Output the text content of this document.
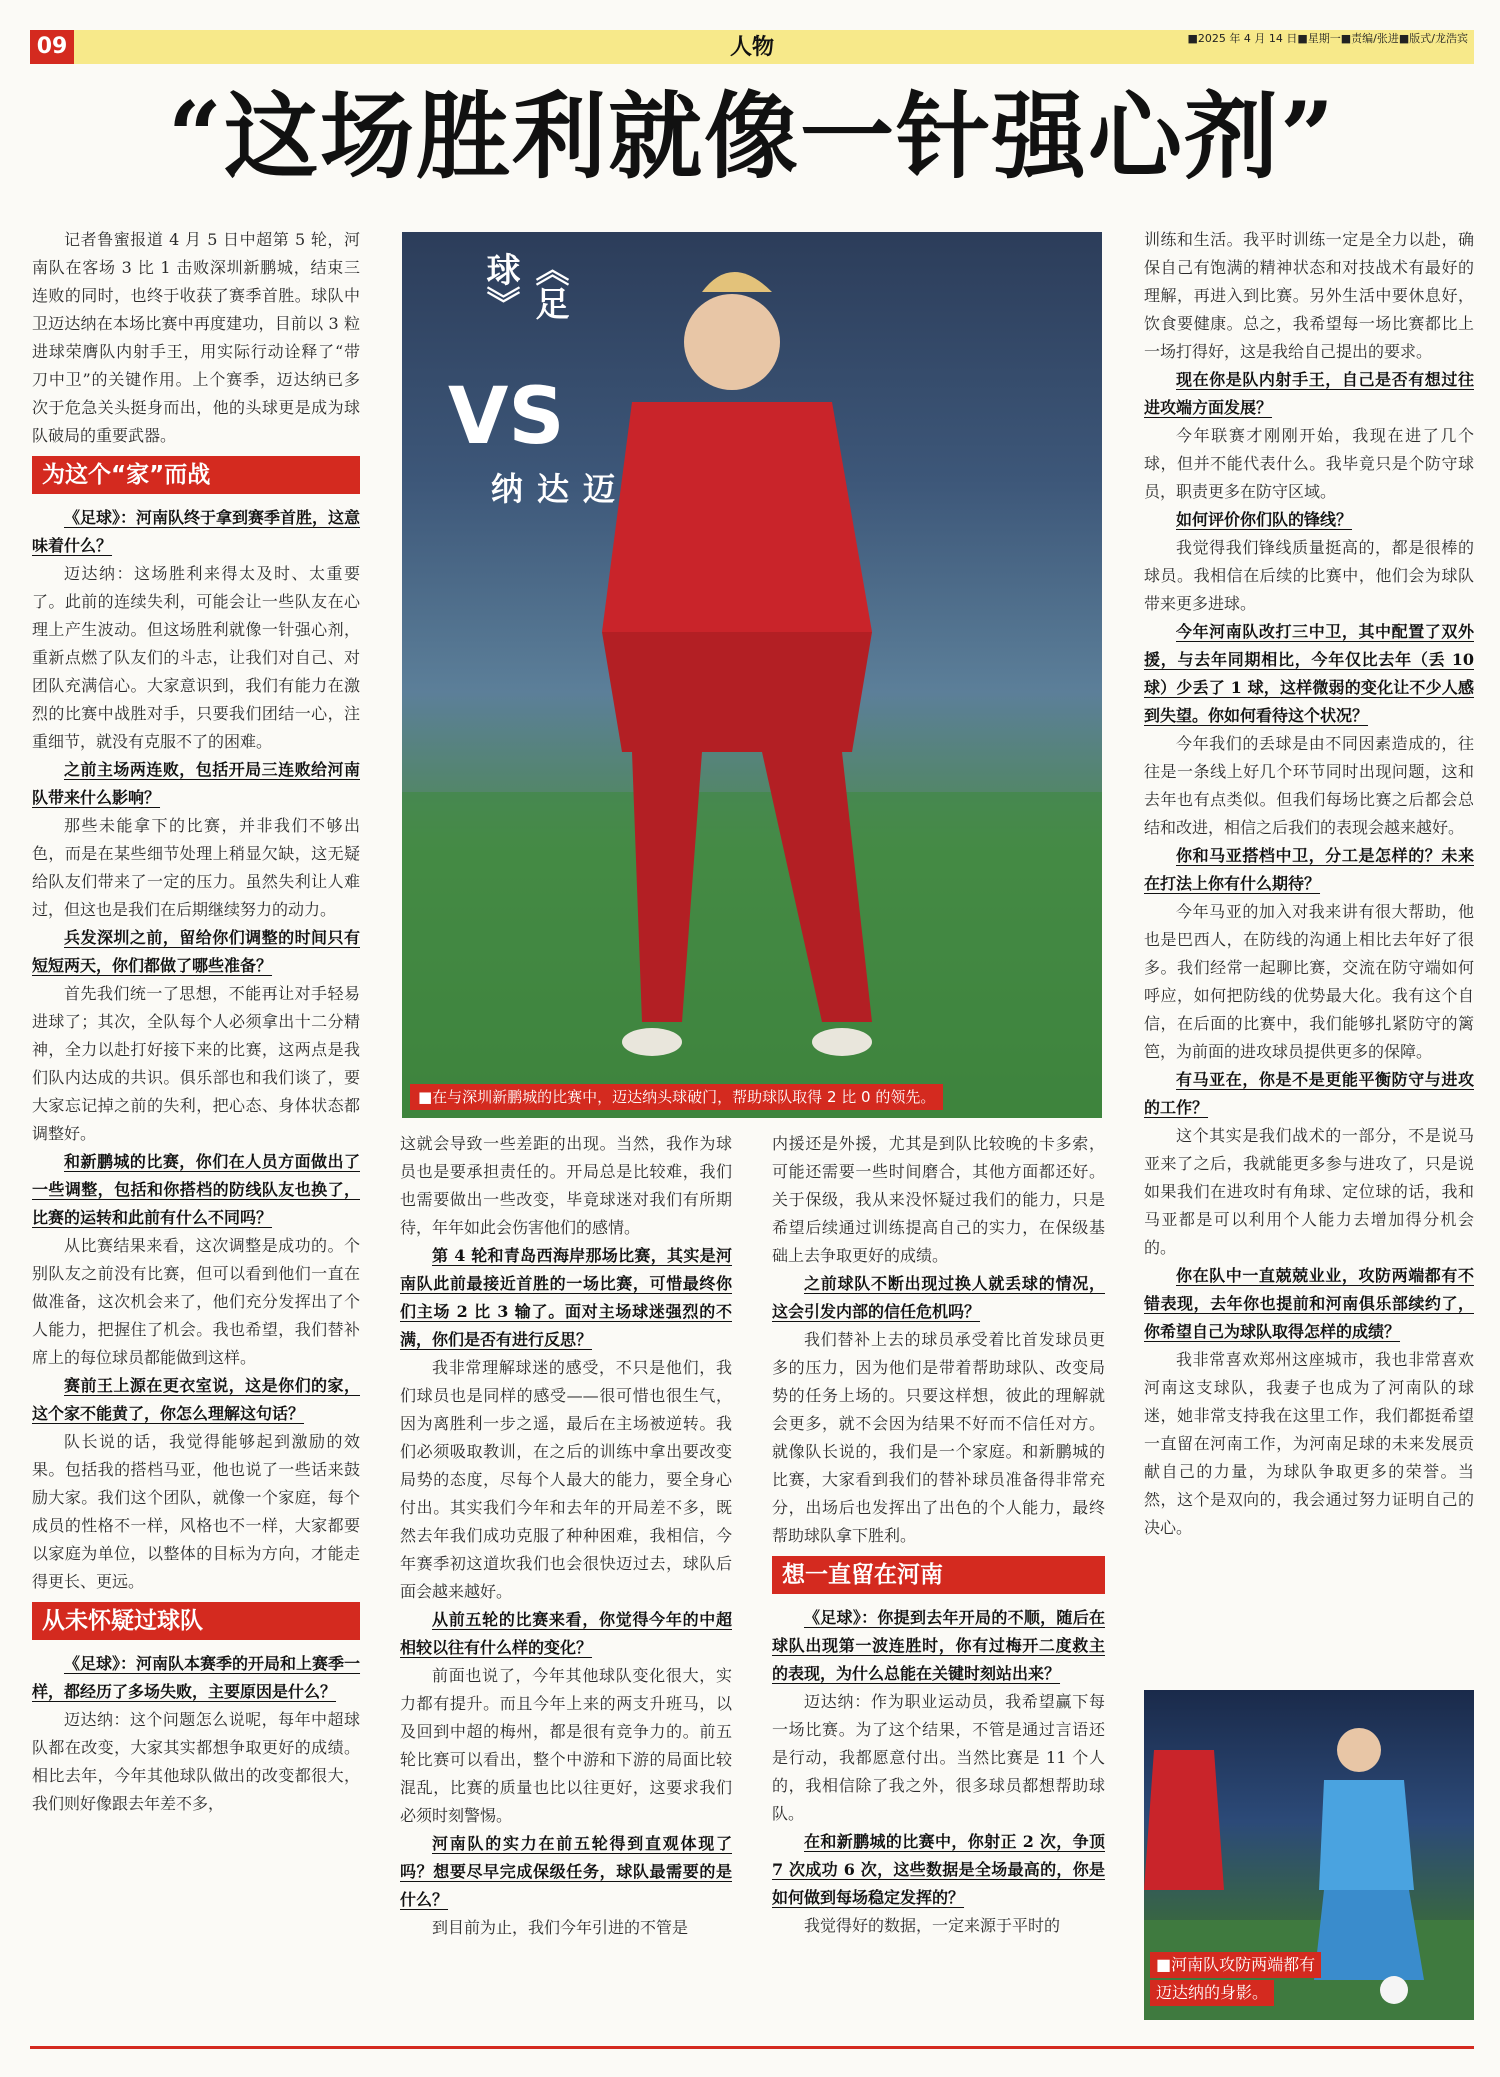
09	人物	■2025 年 4 月 14 日■星期一■责编/张进■版式/龙浩宾
“这场胜利就像一针强心剂”

记者鲁蜜报道 4 月 5 日中超第 5 轮，河南队在客场 3 比 1 击败深圳新鹏城，结束三连败的同时，也终于收获了赛季首胜。球队中卫迈达纳在本场比赛中再度建功，目前以 3 粒进球荣膺队内射手王，用实际行动诠释了“带刀中卫”的关键作用。上个赛季，迈达纳已多次于危急关头挺身而出，他的头球更是成为球队破局的重要武器。

为这个“家”而战

《足球》：河南队终于拿到赛季首胜，这意味着什么？

迈达纳：这场胜利来得太及时、太重要了。此前的连续失利，可能会让一些队友在心理上产生波动。但这场胜利就像一针强心剂，重新点燃了队友们的斗志，让我们对自己、对团队充满信心。大家意识到，我们有能力在激烈的比赛中战胜对手，只要我们团结一心，注重细节，就没有克服不了的困难。

之前主场两连败，包括开局三连败给河南队带来什么影响？

那些未能拿下的比赛，并非我们不够出色，而是在某些细节处理上稍显欠缺，这无疑给队友们带来了一定的压力。虽然失利让人难过，但这也是我们在后期继续努力的动力。

兵发深圳之前，留给你们调整的时间只有短短两天，你们都做了哪些准备？

首先我们统一了思想，不能再让对手轻易进球了；其次，全队每个人必须拿出十二分精神，全力以赴打好接下来的比赛，这两点是我们队内达成的共识。俱乐部也和我们谈了，要大家忘记掉之前的失利，把心态、身体状态都调整好。

和新鹏城的比赛，你们在人员方面做出了一些调整，包括和你搭档的防线队友也换了，比赛的运转和此前有什么不同吗？

从比赛结果来看，这次调整是成功的。个别队友之前没有比赛，但可以看到他们一直在做准备，这次机会来了，他们充分发挥出了个人能力，把握住了机会。我也希望，我们替补席上的每位球员都能做到这样。

赛前王上源在更衣室说，这是你们的家，这个家不能黄了，你怎么理解这句话？

队长说的话，我觉得能够起到激励的效果。包括我的搭档马亚，他也说了一些话来鼓励大家。我们这个团队，就像一个家庭，每个成员的性格不一样，风格也不一样，大家都要以家庭为单位，以整体的目标为方向，才能走得更长、更远。

从未怀疑过球队

《足球》：河南队本赛季的开局和上赛季一样，都经历了多场失败，主要原因是什么？

迈达纳：这个问题怎么说呢，每年中超球队都在改变，大家其实都想争取更好的成绩。相比去年，今年其他球队做出的改变都很大，我们则好像跟去年差不多，

《足球》
VS
迈达纳
■在与深圳新鹏城的比赛中，迈达纳头球破门，帮助球队取得 2 比 0 的领先。

这就会导致一些差距的出现。当然，我作为球员也是要承担责任的。开局总是比较难，我们也需要做出一些改变，毕竟球迷对我们有所期待，年年如此会伤害他们的感情。

第 4 轮和青岛西海岸那场比赛，其实是河南队此前最接近首胜的一场比赛，可惜最终你们主场 2 比 3 输了。面对主场球迷强烈的不满，你们是否有进行反思？

我非常理解球迷的感受，不只是他们，我们球员也是同样的感受——很可惜也很生气，因为离胜利一步之遥，最后在主场被逆转。我们必须吸取教训，在之后的训练中拿出要改变局势的态度，尽每个人最大的能力，要全身心付出。其实我们今年和去年的开局差不多，既然去年我们成功克服了种种困难，我相信，今年赛季初这道坎我们也会很快迈过去，球队后面会越来越好。

从前五轮的比赛来看，你觉得今年的中超相较以往有什么样的变化？

前面也说了，今年其他球队变化很大，实力都有提升。而且今年上来的两支升班马，以及回到中超的梅州，都是很有竞争力的。前五轮比赛可以看出，整个中游和下游的局面比较混乱，比赛的质量也比以往更好，这要求我们必须时刻警惕。

河南队的实力在前五轮得到直观体现了吗？想要尽早完成保级任务，球队最需要的是什么？

到目前为止，我们今年引进的不管是

内援还是外援，尤其是到队比较晚的卡多索，可能还需要一些时间磨合，其他方面都还好。关于保级，我从来没怀疑过我们的能力，只是希望后续通过训练提高自己的实力，在保级基础上去争取更好的成绩。

之前球队不断出现过换人就丢球的情况，这会引发内部的信任危机吗？

我们替补上去的球员承受着比首发球员更多的压力，因为他们是带着帮助球队、改变局势的任务上场的。只要这样想，彼此的理解就会更多，就不会因为结果不好而不信任对方。就像队长说的，我们是一个家庭。和新鹏城的比赛，大家看到我们的替补球员准备得非常充分，出场后也发挥出了出色的个人能力，最终帮助球队拿下胜利。

想一直留在河南

《足球》：你提到去年开局的不顺，随后在球队出现第一波连胜时，你有过梅开二度救主的表现，为什么总能在关键时刻站出来？

迈达纳：作为职业运动员，我希望赢下每一场比赛。为了这个结果，不管是通过言语还是行动，我都愿意付出。当然比赛是 11 个人的，我相信除了我之外，很多球员都想帮助球队。

在和新鹏城的比赛中，你射正 2 次，争顶 7 次成功 6 次，这些数据是全场最高的，你是如何做到每场稳定发挥的？

我觉得好的数据，一定来源于平时的

训练和生活。我平时训练一定是全力以赴，确保自己有饱满的精神状态和对技战术有最好的理解，再进入到比赛。另外生活中要休息好，饮食要健康。总之，我希望每一场比赛都比上一场打得好，这是我给自己提出的要求。

现在你是队内射手王，自己是否有想过往进攻端方面发展？

今年联赛才刚刚开始，我现在进了几个球，但并不能代表什么。我毕竟只是个防守球员，职责更多在防守区域。

如何评价你们队的锋线？

我觉得我们锋线质量挺高的，都是很棒的球员。我相信在后续的比赛中，他们会为球队带来更多进球。

今年河南队改打三中卫，其中配置了双外援，与去年同期相比，今年仅比去年（丢 10 球）少丢了 1 球，这样微弱的变化让不少人感到失望。你如何看待这个状况？

今年我们的丢球是由不同因素造成的，往往是一条线上好几个环节同时出现问题，这和去年也有点类似。但我们每场比赛之后都会总结和改进，相信之后我们的表现会越来越好。

你和马亚搭档中卫，分工是怎样的？未来在打法上你有什么期待？

今年马亚的加入对我来讲有很大帮助，他也是巴西人，在防线的沟通上相比去年好了很多。我们经常一起聊比赛，交流在防守端如何呼应，如何把防线的优势最大化。我有这个自信，在后面的比赛中，我们能够扎紧防守的篱笆，为前面的进攻球员提供更多的保障。

有马亚在，你是不是更能平衡防守与进攻的工作？

这个其实是我们战术的一部分，不是说马亚来了之后，我就能更多参与进攻了，只是说如果我们在进攻时有角球、定位球的话，我和马亚都是可以利用个人能力去增加得分机会的。

你在队中一直兢兢业业，攻防两端都有不错表现，去年你也提前和河南俱乐部续约了，你希望自己为球队取得怎样的成绩？

我非常喜欢郑州这座城市，我也非常喜欢河南这支球队，我妻子也成为了河南队的球迷，她非常支持我在这里工作，我们都挺希望一直留在河南工作，为河南足球的未来发展贡献自己的力量，为球队争取更多的荣誉。当然，这个是双向的，我会通过努力证明自己的决心。

■河南队攻防两端都有
迈达纳的身影。
